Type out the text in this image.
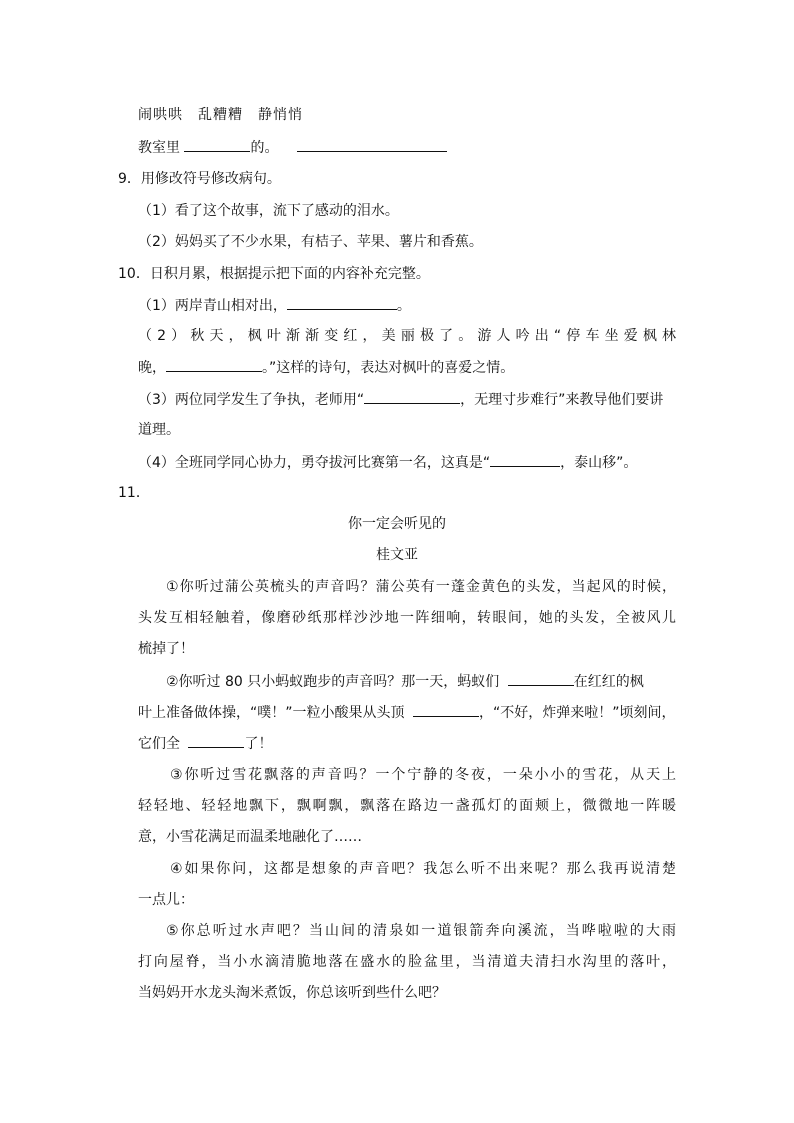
闹哄哄　乱糟糟　静悄悄
教室里	的。
9．用修改符号修改病句。
（1）看了这个故事，流下了感动的泪水。
（2）妈妈买了不少水果，有桔子、苹果、薯片和香蕉。
10．日积月累，根据提示把下面的内容补充完整。
（1）两岸青山相对出，	。
（2）秋天，枫叶渐渐变红，美丽极了。游人吟出“停车坐爱枫林
晚，	。”这样的诗句，表达对枫叶的喜爱之情。
（3）两位同学发生了争执，老师用“	，无理寸步难行”来教导他们要讲
道理。
（4）全班同学同心协力，勇夺拔河比赛第一名，这真是“	，泰山移”。
11．
你一定会听见的
桂文亚
①你听过蒲公英梳头的声音吗？蒲公英有一蓬金黄色的头发，当起风的时候，
头发互相轻触着，像磨砂纸那样沙沙地一阵细响，转眼间，她的头发，全被风儿
梳掉了！
②你听过 80 只小蚂蚁跑步的声音吗？那一天，蚂蚁们	在红红的枫
叶上准备做体操，“噗！”一粒小酸果从头顶	，“不好，炸弹来啦！”顷刻间，
它们全	了！
③你听过雪花飘落的声音吗？一个宁静的冬夜，一朵小小的雪花，从天上
轻轻地、轻轻地飘下，飘啊飘，飘落在路边一盏孤灯的面颊上，微微地一阵暖
意，小雪花满足而温柔地融化了……
④如果你问，这都是想象的声音吧？我怎么听不出来呢？那么我再说清楚
一点儿：
⑤你总听过水声吧？当山间的清泉如一道银箭奔向溪流，当哗啦啦的大雨
打向屋脊，当小水滴清脆地落在盛水的脸盆里，当清道夫清扫水沟里的落叶，
当妈妈开水龙头淘米煮饭，你总该听到些什么吧？
